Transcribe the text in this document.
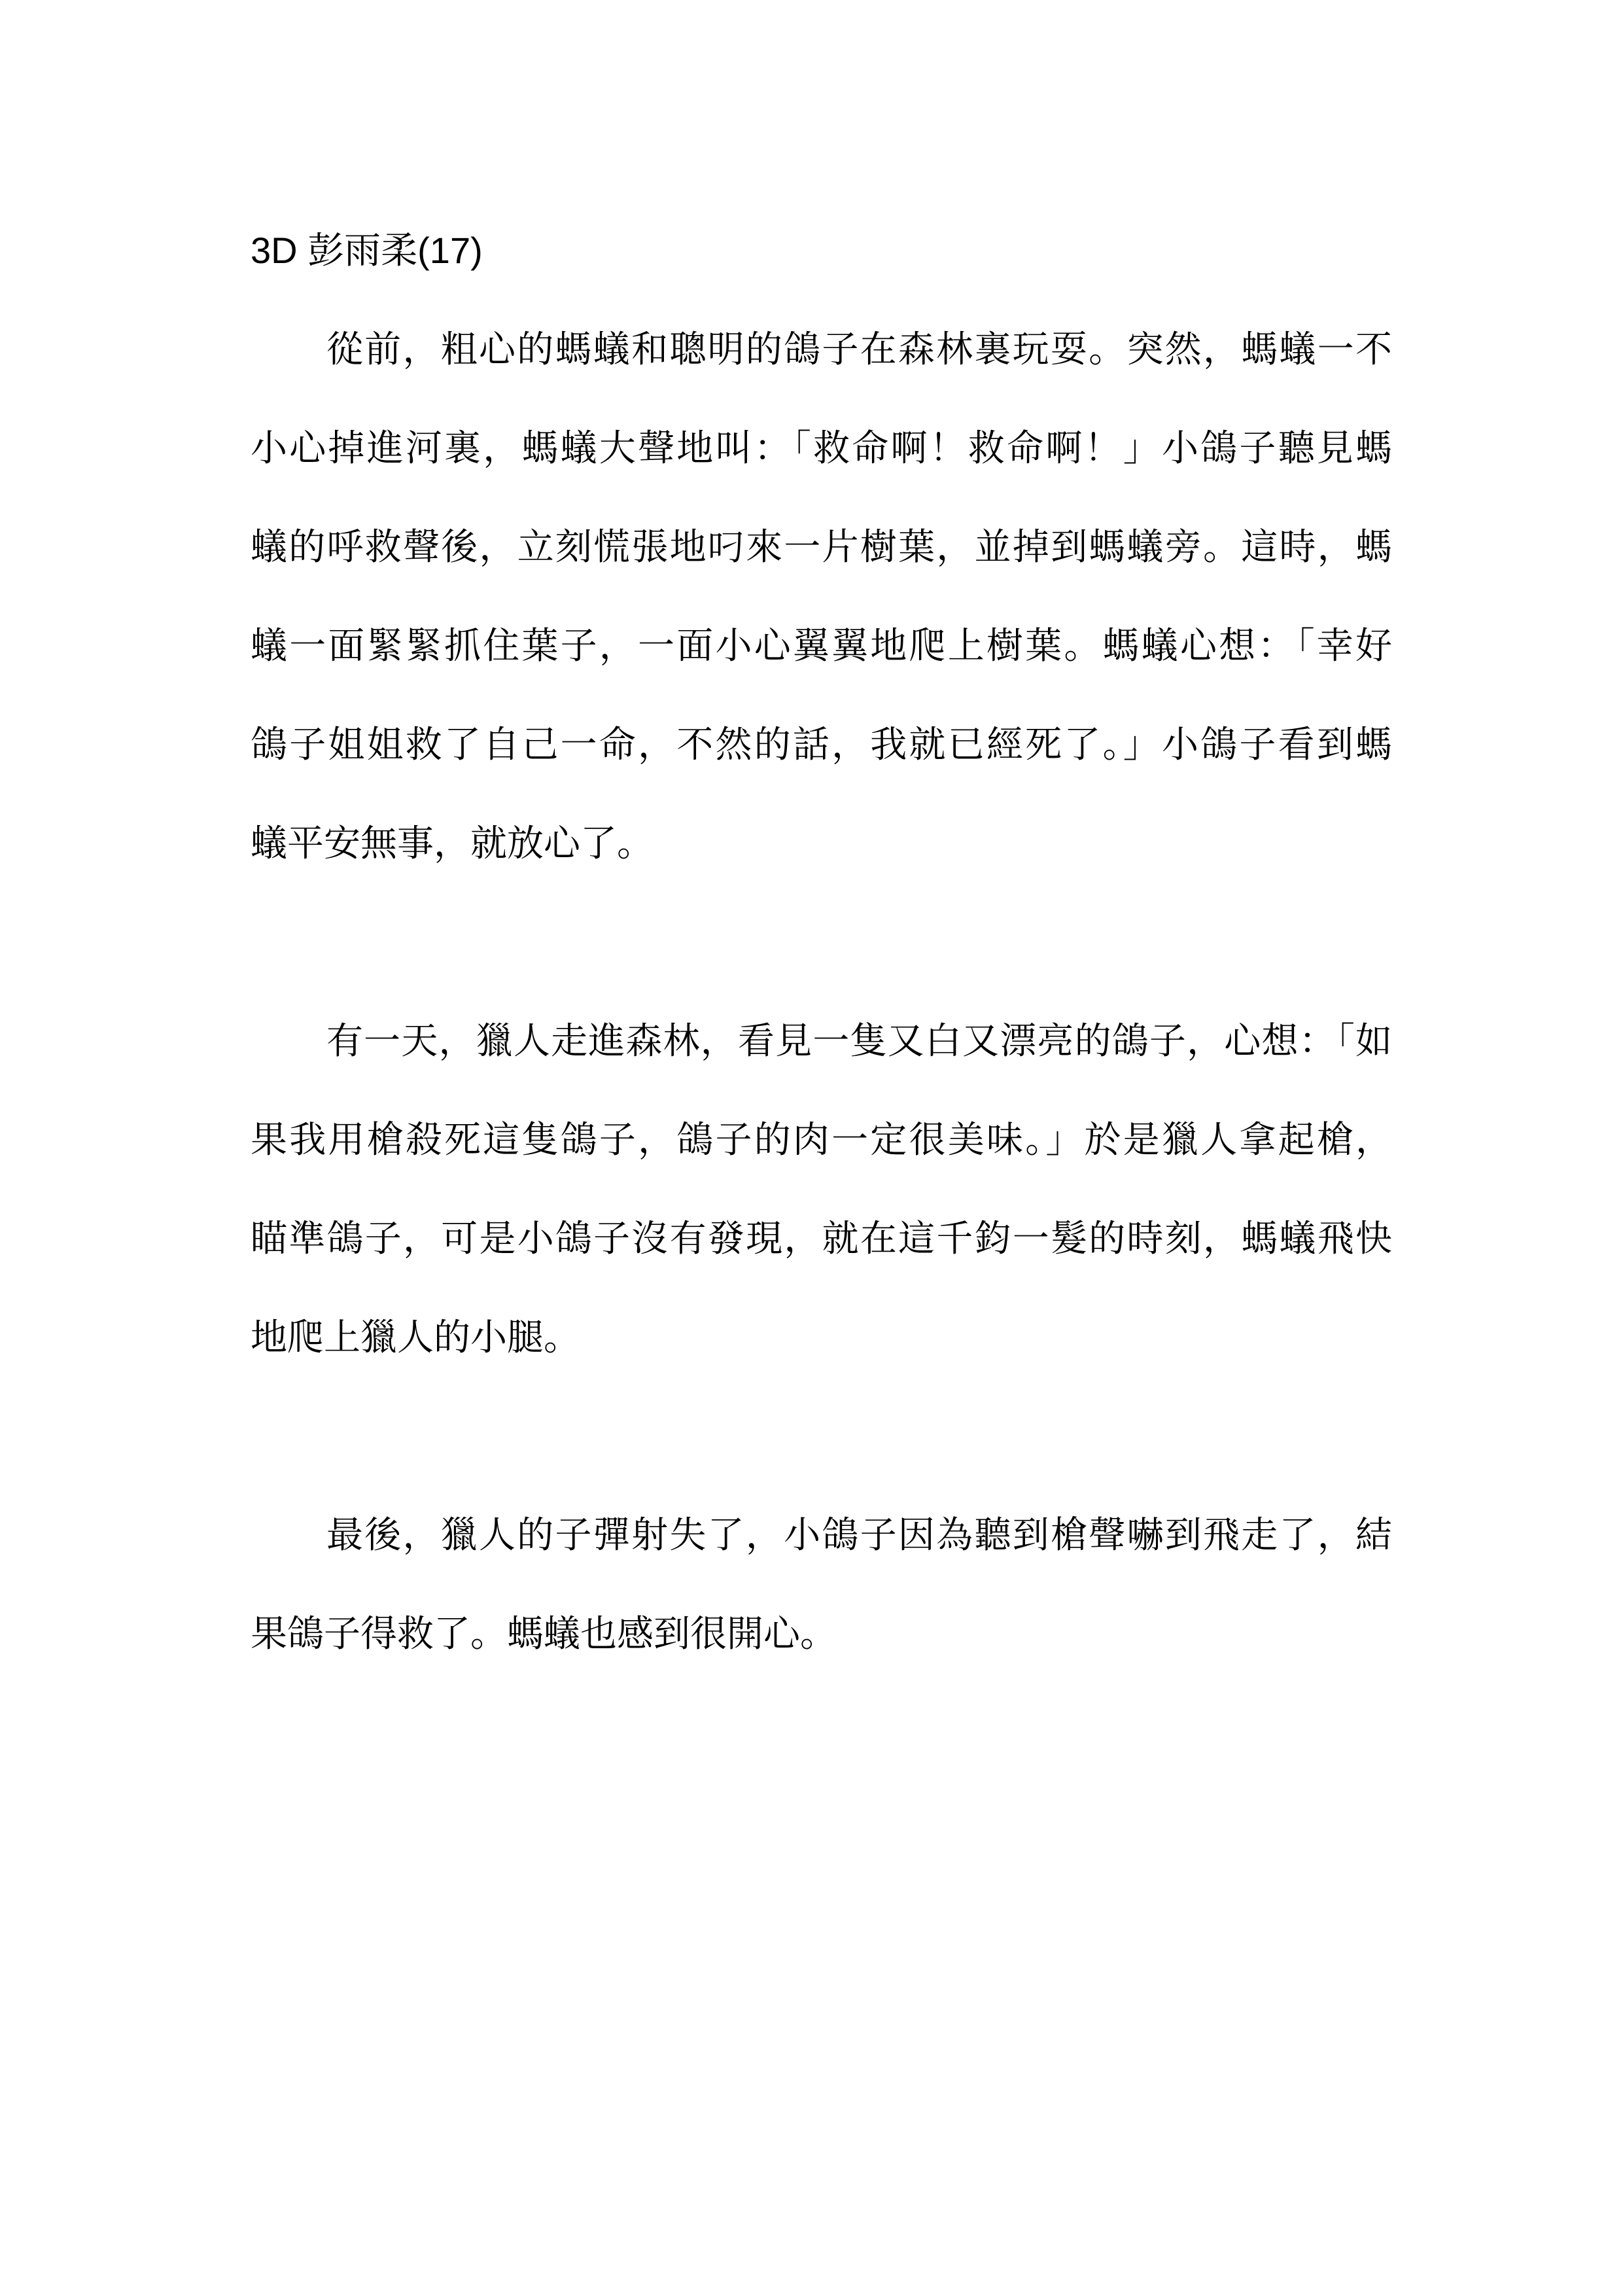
3D 彭雨柔(17)
從前，粗心的螞蟻和聰明的鴿子在森林裏玩耍。突然，螞蟻一不
小心掉進河裏，螞蟻大聲地叫：「救命啊！救命啊！」小鴿子聽見螞
蟻的呼救聲後，立刻慌張地叼來一片樹葉，並掉到螞蟻旁。這時，螞
蟻一面緊緊抓住葉子，一面小心翼翼地爬上樹葉。螞蟻心想：「幸好
鴿子姐姐救了自己一命，不然的話，我就已經死了。」小鴿子看到螞
蟻平安無事，就放心了。
有一天，獵人走進森林，看見一隻又白又漂亮的鴿子，心想：「如
果我用槍殺死這隻鴿子，鴿子的肉一定很美味。」於是獵人拿起槍，
瞄準鴿子，可是小鴿子沒有發現，就在這千鈞一髮的時刻，螞蟻飛快
地爬上獵人的小腿。
最後，獵人的子彈射失了，小鴿子因為聽到槍聲嚇到飛走了，結
果鴿子得救了。螞蟻也感到很開心。
